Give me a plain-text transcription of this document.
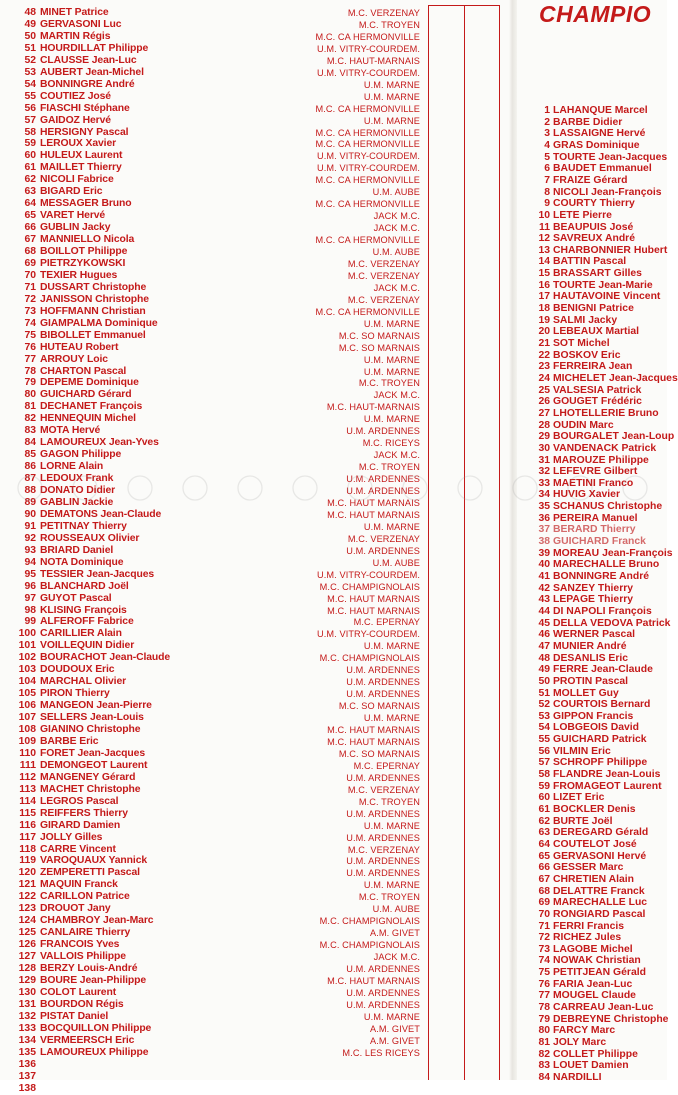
48 MINET Patrice	M.C. VERZENAY
49 GERVASONI Luc	M.C. TROYEN
50 MARTIN Régis	M.C. CA HERMONVILLE
51 HOURDILLAT Philippe	U.M. VITRY-COURDEM.
52 CLAUSSE Jean-Luc	M.C. HAUT-MARNAIS
53 AUBERT Jean-Michel	U.M. VITRY-COURDEM.
54 BONNINGRE André	U.M. MARNE
55 COUTIEZ José	U.M. MARNE
56 FIASCHI Stéphane	M.C. CA HERMONVILLE
57 GAIDOZ Hervé	U.M. MARNE
58 HERSIGNY Pascal	M.C. CA HERMONVILLE
59 LEROUX Xavier	M.C. CA HERMONVILLE
60 HULEUX Laurent	U.M. VITRY-COURDEM.
61 MAILLET Thierry	U.M. VITRY-COURDEM.
62 NICOLI Fabrice	M.C. CA HERMONVILLE
63 BIGARD Eric	U.M. AUBE
64 MESSAGER Bruno	M.C. CA HERMONVILLE
65 VARET Hervé	JACK M.C.
66 GUBLIN Jacky	JACK M.C.
67 MANNIELLO Nicola	M.C. CA HERMONVILLE
68 BOILLOT Philippe	U.M. AUBE
69 PIETRZYKOWSKI	M.C. VERZENAY
70 TEXIER Hugues	M.C. VERZENAY
71 DUSSART Christophe	JACK M.C.
72 JANISSON Christophe	M.C. VERZENAY
73 HOFFMANN Christian	M.C. CA HERMONVILLE
74 GIAMPALMA Dominique	U.M. MARNE
75 BIBOLLET Emmanuel	M.C. SO MARNAIS
76 HUTEAU Robert	M.C. SO MARNAIS
77 ARROUY Loic	U.M. MARNE
78 CHARTON Pascal	U.M. MARNE
79 DEPEME Dominique	M.C. TROYEN
80 GUICHARD Gérard	JACK M.C.
81 DECHANET François	M.C. HAUT-MARNAIS
82 HENNEQUIN Michel	U.M. MARNE
83 MOTA Hervé	U.M. ARDENNES
84 LAMOUREUX Jean-Yves	M.C. RICEYS
85 GAGON Philippe	JACK M.C.
86 LORNE Alain	M.C. TROYEN
87 LEDOUX Frank	U.M. ARDENNES
88 DONATO Didier	U.M. ARDENNES
89 GABLIN Jackie	M.C. HAUT MARNAIS
90 DEMATONS Jean-Claude	M.C. HAUT MARNAIS
91 PETITNAY Thierry	U.M. MARNE
92 ROUSSEAUX Olivier	M.C. VERZENAY
93 BRIARD Daniel	U.M. ARDENNES
94 NOTA Dominique	U.M. AUBE
95 TESSIER Jean-Jacques	U.M. VITRY-COURDEM.
96 BLANCHARD Joël	M.C. CHAMPIGNOLAIS
97 GUYOT Pascal	M.C. HAUT MARNAIS
98 KLISING François	M.C. HAUT MARNAIS
99 ALFEROFF Fabrice	M.C. EPERNAY
100 CARILLIER Alain	U.M. VITRY-COURDEM.
101 VOILLEQUIN Didier	U.M. MARNE
102 BOURACHOT Jean-Claude	M.C. CHAMPIGNOLAIS
103 DOUDOUX Eric	U.M. ARDENNES
104 MARCHAL Olivier	U.M. ARDENNES
105 PIRON Thierry	U.M. ARDENNES
106 MANGEON Jean-Pierre	M.C. SO MARNAIS
107 SELLERS Jean-Louis	U.M. MARNE
108 GIANINO Christophe	M.C. HAUT MARNAIS
109 BARBE Eric	M.C. HAUT MARNAIS
110 FORET Jean-Jacques	M.C. SO MARNAIS
111 DEMONGEOT Laurent	M.C. EPERNAY
112 MANGENEY Gérard	U.M. ARDENNES
113 MACHET Christophe	M.C. VERZENAY
114 LEGROS Pascal	M.C. TROYEN
115 REIFFERS Thierry	U.M. ARDENNES
116 GIRARD Damien	U.M. MARNE
117 JOLLY Gilles	U.M. ARDENNES
118 CARRE Vincent	M.C. VERZENAY
119 VAROQUAUX Yannick	U.M. ARDENNES
120 ZEMPERETTI Pascal	U.M. ARDENNES
121 MAQUIN Franck	U.M. MARNE
122 CARILLON Patrice	M.C. TROYEN
123 DROUOT Jany	U.M. AUBE
124 CHAMBROY Jean-Marc	M.C. CHAMPIGNOLAIS
125 CANLAIRE Thierry	A.M. GIVET
126 FRANCOIS Yves	M.C. CHAMPIGNOLAIS
127 VALLOIS Philippe	JACK M.C.
128 BERZY Louis-André	U.M. ARDENNES
129 BOURE Jean-Philippe	M.C. HAUT MARNAIS
130 COLOT Laurent	U.M. ARDENNES
131 BOURDON Régis	U.M. ARDENNES
132 PISTAT Daniel	U.M. MARNE
133 BOCQUILLON Philippe	A.M. GIVET
134 VERMEERSCH Eric	A.M. GIVET
135 LAMOUREUX Philippe	M.C. LES RICEYS
136
137
138
CHAMPIO
1 LAHANQUE Marcel
2 BARBE Didier
3 LASSAIGNE Hervé
4 GRAS Dominique
5 TOURTE Jean-Jacques
6 BAUDET Emmanuel
7 FRAIZE Gérard
8 NICOLI Jean-François
9 COURTY Thierry
10 LETE Pierre
11 BEAUPUIS José
12 SAVREUX André
13 CHARBONNIER Hubert
14 BATTIN Pascal
15 BRASSART Gilles
16 TOURTE Jean-Marie
17 HAUTAVOINE Vincent
18 BENIGNI Patrice
19 SALMI Jacky
20 LEBEAUX Martial
21 SOT Michel
22 BOSKOV Eric
23 FERREIRA Jean
24 MICHELET Jean-Jacques
25 VALSESIA Patrick
26 GOUGET Frédéric
27 LHOTELLERIE Bruno
28 OUDIN Marc
29 BOURGALET Jean-Loup
30 VANDENACK Patrick
31 MAROUZE Philippe
32 LEFEVRE Gilbert
33 MAETINI Franco
34 HUVIG Xavier
35 SCHANUS Christophe
36 PEREIRA Manuel
37 BERARD Thierry
38 GUICHARD Franck
39 MOREAU Jean-François
40 MARECHALLE Bruno
41 BONNINGRE André
42 SANZEY Thierry
43 LEPAGE Thierry
44 DI NAPOLI François
45 DELLA VEDOVA Patrick
46 WERNER Pascal
47 MUNIER André
48 DESANLIS Eric
49 FERRE Jean-Claude
50 PROTIN Pascal
51 MOLLET Guy
52 COURTOIS Bernard
53 GIPPON Francis
54 LOBGEOIS David
55 GUICHARD Patrick
56 VILMIN Eric
57 SCHROPF Philippe
58 FLANDRE Jean-Louis
59 FROMAGEOT Laurent
60 LIZET Eric
61 BOCKLER Denis
62 BURTE Joël
63 DEREGARD Gérald
64 COUTELOT José
65 GERVASONI Hervé
66 GESSER Marc
67 CHRETIEN Alain
68 DELATTRE Franck
69 MARECHALLE Luc
70 RONGIARD Pascal
71 FERRI Francis
72 RICHEZ Jules
73 LAGOBE Michel
74 NOWAK Christian
75 PETITJEAN Gérald
76 FARIA Jean-Luc
77 MOUGEL Claude
78 CARREAU Jean-Luc
79 DEBREYNE Christophe
80 FARCY Marc
81 JOLY Marc
82 COLLET Philippe
83 LOUET Damien
84 NARDILLI
